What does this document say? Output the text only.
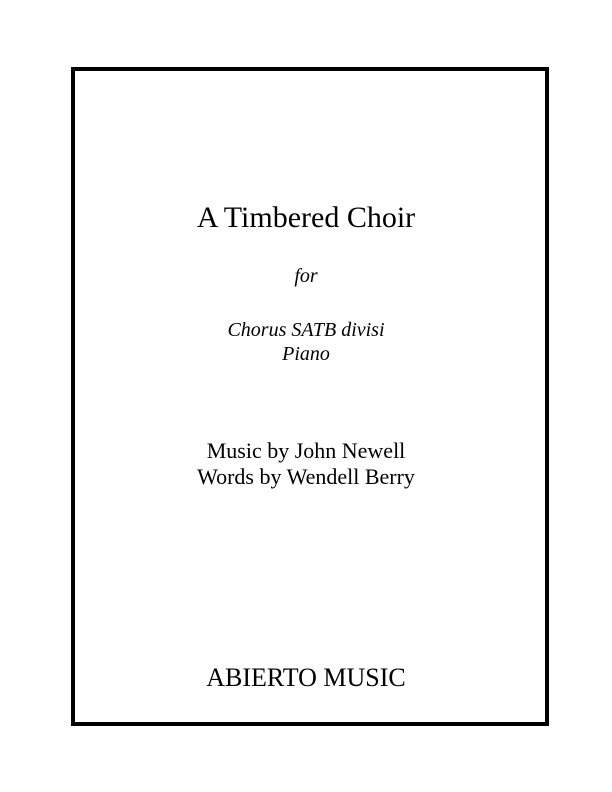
A Timbered Choir
for
Chorus SATB divisi
Piano
Music by John Newell
Words by Wendell Berry
ABIERTO MUSIC
